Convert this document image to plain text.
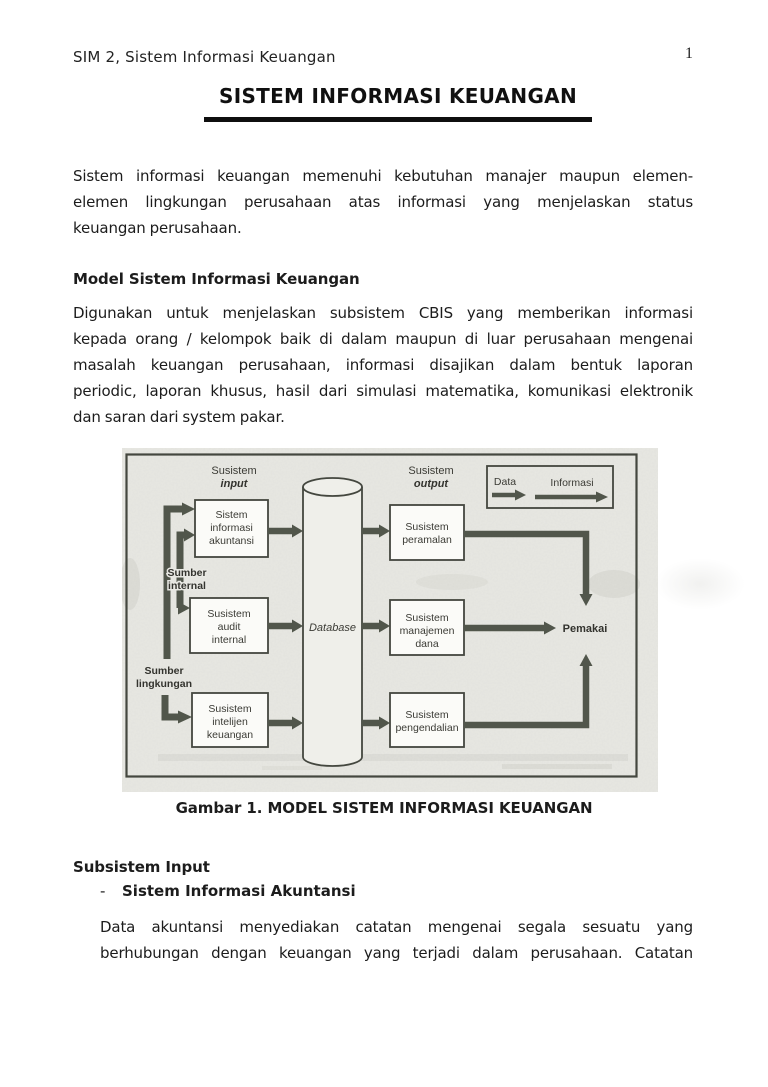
SIM 2, Sistem Informasi Keuangan	1
SISTEM INFORMASI KEUANGAN
Sistem informasi keuangan memenuhi kebutuhan manajer maupun elemen-
elemen lingkungan perusahaan atas informasi yang menjelaskan status
keuangan perusahaan.
Model Sistem Informasi Keuangan
Digunakan untuk menjelaskan subsistem CBIS yang memberikan informasi
kepada orang / kelompok baik di dalam maupun di luar perusahaan mengenai
masalah keuangan perusahaan, informasi disajikan dalam bentuk laporan
periodic, laporan khusus, hasil dari simulasi matematika, komunikasi elektronik
dan saran dari system pakar.
Susistem
input
Susistem
output	Data	Informasi
Sumber
internal
Sumber
lingkungan
Sistem
informasi
akuntansi
Susistem
audit
internal
Susistem
intelijen
keuangan
Database
Susistem
peramalan
Susistem
manajemen
dana
Susistem
pengendalian
Pemakai
Gambar 1. MODEL SISTEM INFORMASI KEUANGAN
Subsistem Input
-	Sistem Informasi Akuntansi
Data akuntansi menyediakan catatan mengenai segala sesuatu yang
berhubungan dengan keuangan yang terjadi dalam perusahaan. Catatan
